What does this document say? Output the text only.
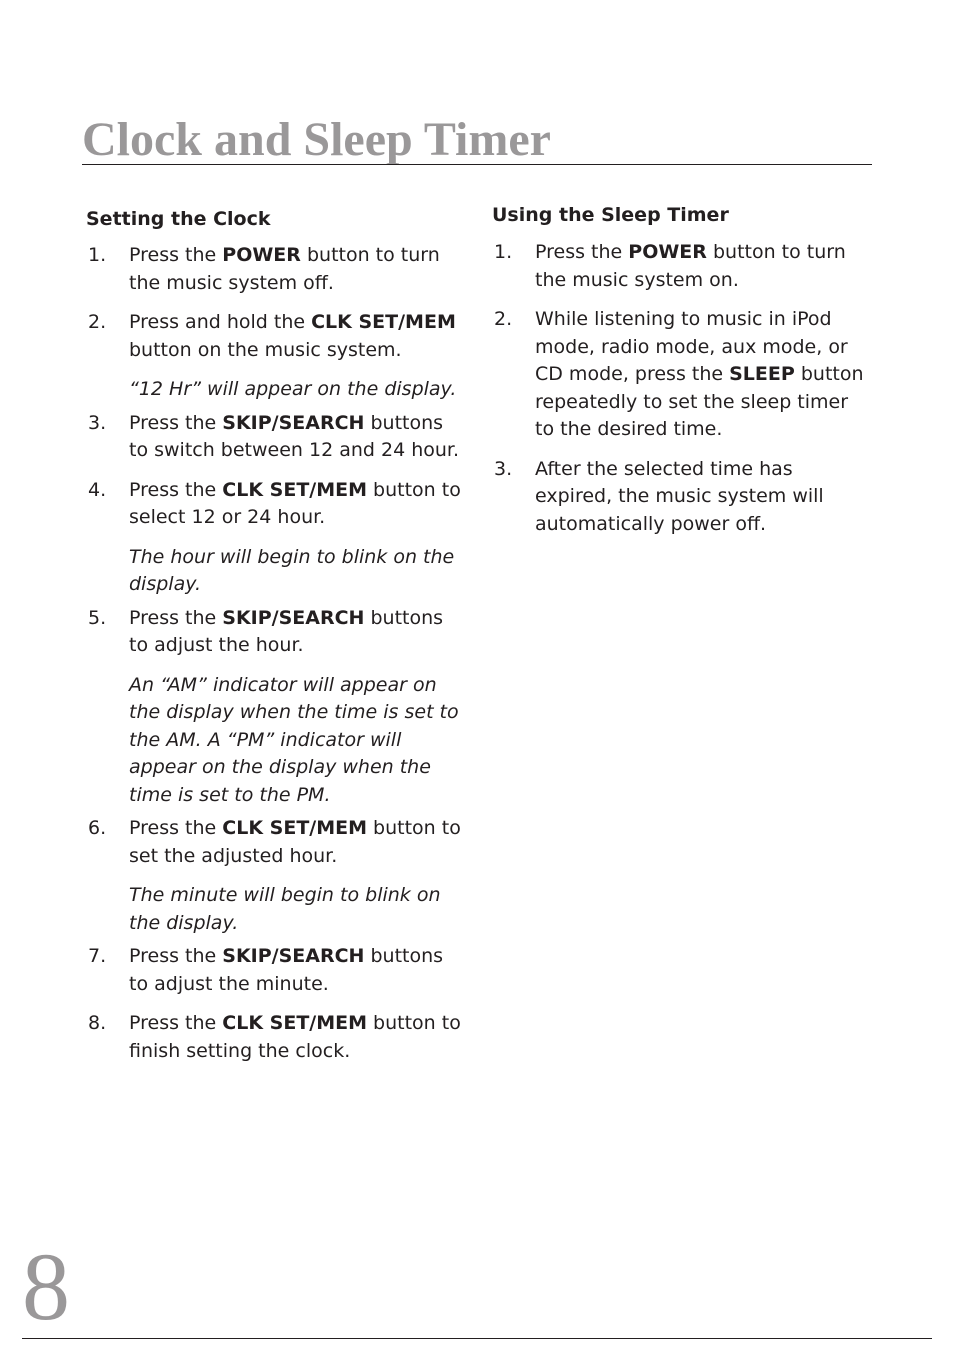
Clock and Sleep Timer
Setting the Clock
1. Press the POWER button to turn the music system off.

2. Press and hold the CLK SET/MEM button on the music system.

“12 Hr” will appear on the display.

3. Press the SKIP/SEARCH buttons to switch between 12 and 24 hour.

4. Press the CLK SET/MEM button to select 12 or 24 hour.

The hour will begin to blink on the display.

5. Press the SKIP/SEARCH buttons to adjust the hour.

An “AM” indicator will appear on the display when the time is set to the AM. A “PM” indicator will appear on the display when the time is set to the PM.

6. Press the CLK SET/MEM button to set the adjusted hour.

The minute will begin to blink on the display.

7. Press the SKIP/SEARCH buttons to adjust the minute.

8. Press the CLK SET/MEM button to finish setting the clock.

Using the Sleep Timer
1. Press the POWER button to turn the music system on.

2. While listening to music in iPod mode, radio mode, aux mode, or CD mode, press the SLEEP button repeatedly to set the sleep timer to the desired time.

3. After the selected time has expired, the music system will automatically power off.

8
